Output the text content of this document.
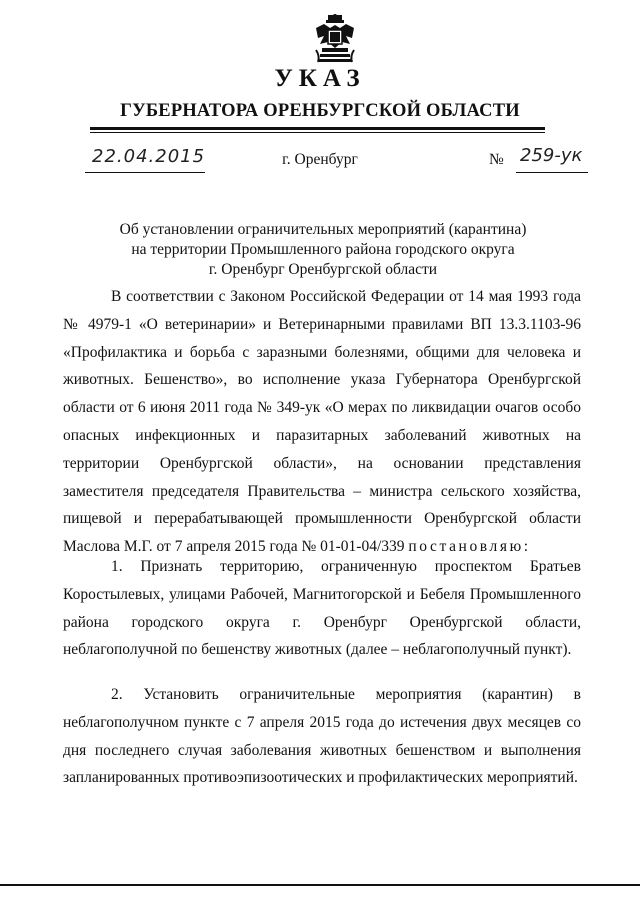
УКАЗ
ГУБЕРНАТОРА ОРЕНБУРГСКОЙ ОБЛАСТИ
22.04.2015	г. Оренбург	№ 259-ук
Об установлении ограничительных мероприятий (карантина)
на территории Промышленного района городского округа
г. Оренбург Оренбургской области

В соответствии с Законом Российской Федерации от 14 мая 1993 года № 4979-1 «О ветеринарии» и Ветеринарными правилами ВП 13.3.1103-96 «Профилактика и борьба с заразными болезнями, общими для человека и животных. Бешенство», во исполнение указа Губернатора Оренбургской области от 6 июня 2011 года № 349-ук «О мерах по ликвидации очагов особо опасных инфекционных и паразитарных заболеваний животных на территории Оренбургской области», на основании представления заместителя председателя Правительства – министра сельского хозяйства, пищевой и перерабатывающей промышленности Оренбургской области Маслова М.Г. от 7 апреля 2015 года № 01-01-04/339 постановляю:

1. Признать территорию, ограниченную проспектом Братьев Коростылевых, улицами Рабочей, Магнитогорской и Бебеля Промышленного района городского округа г. Оренбург Оренбургской области, неблагополучной по бешенству животных (далее – неблагополучный пункт).

2. Установить ограничительные мероприятия (карантин) в неблагополучном пункте с 7 апреля 2015 года до истечения двух месяцев со дня последнего случая заболевания животных бешенством и выполнения запланированных противоэпизоотических и профилактических мероприятий.
